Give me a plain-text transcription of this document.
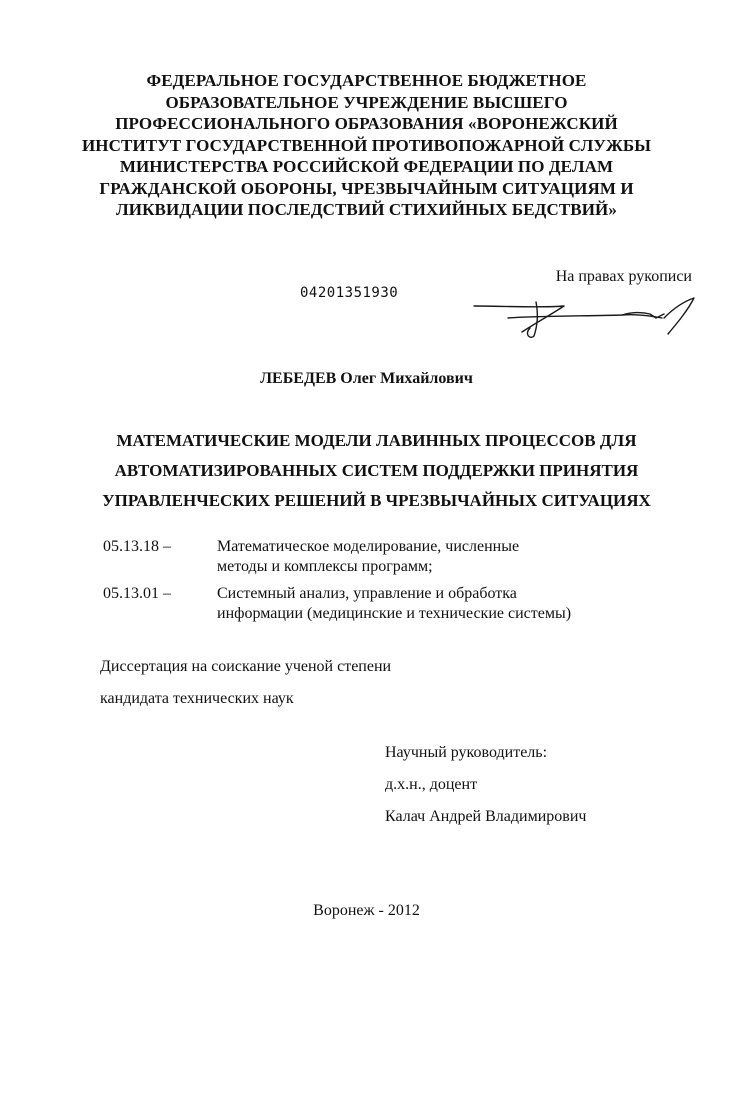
ФЕДЕРАЛЬНОЕ ГОСУДАРСТВЕННОЕ БЮДЖЕТНОЕ
ОБРАЗОВАТЕЛЬНОЕ УЧРЕЖДЕНИЕ ВЫСШЕГО
ПРОФЕССИОНАЛЬНОГО ОБРАЗОВАНИЯ «ВОРОНЕЖСКИЙ
ИНСТИТУТ ГОСУДАРСТВЕННОЙ ПРОТИВОПОЖАРНОЙ СЛУЖБЫ
МИНИСТЕРСТВА РОССИЙСКОЙ ФЕДЕРАЦИИ ПО ДЕЛАМ
ГРАЖДАНСКОЙ ОБОРОНЫ, ЧРЕЗВЫЧАЙНЫМ СИТУАЦИЯМ И
ЛИКВИДАЦИИ ПОСЛЕДСТВИЙ СТИХИЙНЫХ БЕДСТВИЙ»
На правах рукописи
04201351930
ЛЕБЕДЕВ Олег Михайлович
МАТЕМАТИЧЕСКИЕ МОДЕЛИ ЛАВИННЫХ ПРОЦЕССОВ ДЛЯ
АВТОМАТИЗИРОВАННЫХ СИСТЕМ ПОДДЕРЖКИ ПРИНЯТИЯ
УПРАВЛЕНЧЕСКИХ РЕШЕНИЙ В ЧРЕЗВЫЧАЙНЫХ СИТУАЦИЯХ
05.13.18 –	Математическое моделирование, численные
методы и комплексы программ;
05.13.01 –	Системный анализ, управление и обработка
информации (медицинские и технические системы)
Диссертация на соискание ученой степени
кандидата технических наук
Научный руководитель:
д.х.н., доцент
Калач Андрей Владимирович
Воронеж - 2012
